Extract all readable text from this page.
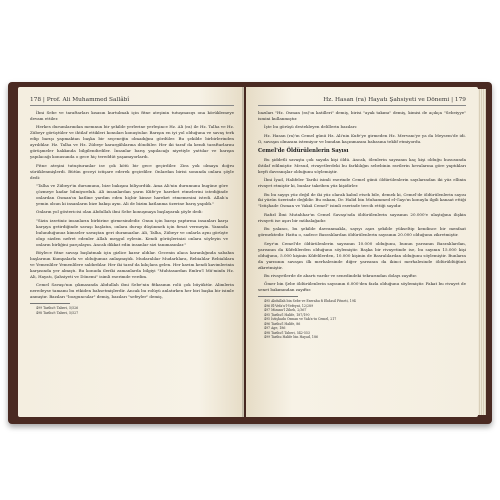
178 | Prof. Ali Muhammed Sallâbî

İbni Sebe ve taraftarları kısasın kurtulmak için fitne ateşinin tutuşmasıyı ona körüklemeye devam ettiler.

Herkes durumlarından memnun bir şekilde yerlerine yerleşince Hz. Ali (ra) ile Hz. Talha ve Hz. Zübeyr görüştüler ve ihtilaf ettikleri konuları konuştular. Barışın en iyi yol olduğuna ve savaş terk edip barışı yapmaktan başka bir seçeneğin olmadığını gördüler. Bu şekilde birbirlerinden ayrıldılar. Hz. Talha ve Hz. Zübeyr karargâhlarına döndüler. Her iki taraf da kendi taraftarlarını görüşmeler hakkında bilgilendirdiler. İnsanlar barış yapılacağı niyetiyle yattılar ve barışın yapılacağı konusunda o gece hiç tereddüt yaşamıyorlardı.

Fitne ateşini tutuşturanlar ise çok kötü bir gece geçirdiler. Zira yok olmaya doğru sürüklenmişlerdi. Bütün geceyi istişare ederek geçirdiler. Onlardan birisi sonunda onlara şöyle dedi:

"Talha ve Zübeyr'in durumunu, bize bakışını biliyordük. Ama Ali'nin durumunu bugüne göre çözmeye kadar bilmiyorduk. Ali insanlardan yarın Kûfe'ye hareket etmelerini istediğinde onlardan Osman'ın katline yardım eden hiçbir kimse hareket etmemesini istedi. Allah'a yemin olsun ki insanların bize bakışı aynı. Ali de bizim katlanma üzerine barış yapıldı."

Onların yol göstericisi olan Abdullah ibni Sebe konuşmaya başlayarak şöyle dedi:

"Sizin izzetiniz insanların birbirine girmesindedir. Onun için barışı yaptırma insanları karşı karşıya getirdiğinde savaşı başlatın, onlara durup düşünmek için fırsat vermeyin. Yanında bulunduğunuz kimseler savaştan geri duramazlar. Ali, Talha, Zübeyr ve onlarla aynı görüşte olup sizden nefret edenler Allah meşgul eylesin. Kendi görüşlerinizi onlara söyleyin ve onların birliğini parçalayın. Ancak dikkat edin insanlar sizi tanımasınlar."

Böylece fitne savaşı başlatmak için gizlice karar aldılar. Gecenin alaca karanlığında sabahın başlarının Kumpalarla ve olduğumuz anlaşmıştık. Mudaralılar Mudarlılara, Rebialılar Rebialılara ve Yemenliler Yemenlilere saldırdılar. Her iki taraf da kılıçlara gelen. Her kavim kendi kavimlerinin karşısında yer almıştı. Bu konuda ileriki zamanlarda bilgiyi "Muhtasardan Emîru'l Mü'minîn Hz. Ali, Hayatı, Şahsiyeti ve Dönemi" isimli eserimde verdim.

Cemel Savaşı'nın çıkmasında Abdullah ibni Sebe'nin fitkasının rolü çok büyüktür. Alimlerin neredeyse tamamı bu etkiden bahsetmişlerdir. Ancak bu rolüyü anlatırken her biri başka bir isimle anmıştır. Bazıları "bozguncular" demiş, bazıları "sefeyler" demiş,

499 Tarihu't Taberi, 5/526

498 Tarihu't Taberi, 5/527

Hz. Hasan (ra) Hayatı Şahsiyeti ve Dönemi | 179

bazıları "Hz. Osman (ra)'ın katilleri" demiş, birisi "ayak takımı" demiş, kimisi de açıkça "Sebeiyye" ismini kullanmıştır.

İşte bu görüşü destekleyen delillerin bazıları:

Hz. Hasan (ra)'ın Cemel günü Hz. Ali'nin Kufe'ye girmeden Hz. Mervanı'ye ya da Meysem'de idi. O, savaşın olmasını istemiyor ve bundan kaçınmasını babasına teklif etmiyordu.

Cemel'de Öldürülenlerin Sayısı

Bu şiddetli savaşta çok sayıda kişi öldü. Ancak, ölenlerin sayısının kaç kişi olduğu hususunda ihtilaf edilmiştir. Mesud, rivayetlerdeki bu farklılığın sebebinin ravilerin hevalarına göre yaptıkları keyfi davranışlar olduğunu söylemiştir.

İbni İyad, Halifeler Tarihi isimli eserinde Cemel günü öldürülenlerin sayılarından iki yüz ellinin rivayet etmiştir ki, bunlar takriben yüz kişidirler.

Bu bu sayıyı yüz değil de iki yüz olarak kabul etsek bile, demek ki, Cemel'de öldürülenlerin sayısı iki yüzün üzerinde değildir. Bu rakam, Dr. Halid bin Muhammed el-Gayı'ın konuyla ilgili kanaat ettiği "Istişhade Osman ve Vakıâ Cemel" isimli eserinde tercih ettiği sayıdır.

Rafızî İbni Mutahhar'ın Cemel Savaşı'nda öldürülenlerin sayısının 20.000'e ulaştığına ilişkin rivayeti ise aşırı bir mübalağadır.

Bu yalancı, bu şekilde davranmakla, sayıyı aşırı şekilde yükseltip kendince bir menfaat görmektedir. Hatta o, sadece Basralılardan öldürülenlerin sayısının 20.000 olduğunu zikretmiştir.

Seyr'ın Cemel'de öldürülenlerin sayısının 10.000 olduğunu, bunun yarısının Basralılardan, yarısının da Kûfelilerden olduğunu söylemiştir. Başka bir rivayetinde ise, bu sayının 15.000 kişi olduğunu, 5.000 kişinin Kûfelilerden, 10.000 kişinin de Basralılardan olduğunu söylemiştir. Bunların da yarısının savaşın ilk merhalesinde diğer yarısının da ikinci merhalesinde öldürüldüğünü zikretmiştir.

Bu rivayetlerde de abartı vardır ve senedindeki tekrarından dolayı zayıftır.

Ömer bin Şebe öldürülenlerin sayısının 6.000'den fazla olduğunu söylemiştir. Fakat bu rivayet de senet bakımından zayıftır.

495 Abdullah bin Sebe ve Eserahu fi Ehdasil Fitneti, 194

496 El-Vefa'u'l-Vefeyat, 12/289

497 Mizanu'l Ziheh, 2/367

495 Tarihu'l Halife, 187/190

495 İstişhadu Osman ve Vak'a-tu Cemel, 217

496 Tarihu'l Halife, 86

497 Age, 186

498 Tarihu'l Taberi, 542-553

499 Tarihu Halife bin Hayad, 186
